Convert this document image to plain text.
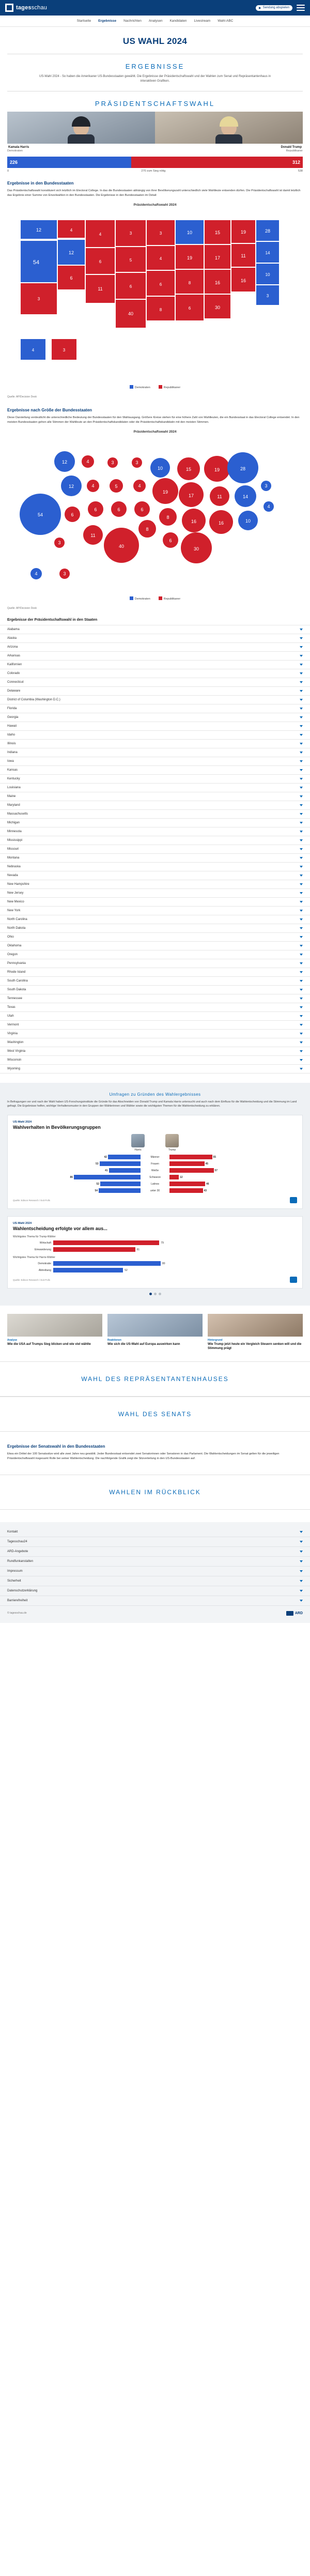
tagesschau	▶ Sendung abspielen
Startseite Ergebnisse Nachrichten Analysen Kandidaten Livestream Wahl-ABC
US WAHL 2024
ERGEBNISSE
US-Wahl 2024 - So haben die Amerikaner US-Bundesstaaten gewählt. Die Ergebnisse der Präsidentschaftswahl und der Wahlen zum Senat und Repräsentantenhaus in interaktiven Grafiken.
PRÄSIDENTSCHAFTSWAHL
Kamala Harris
Demokraten
Donald Trump
Republikaner
226	312
0	270 zum Sieg nötig	538
Ergebnisse in den Bundesstaaten

Das Präsidentschaftswahl konstituiert sich letztlich im Electoral College. In das die Bundesstaaten abhängig von ihrer Bevölkerungszahl unterschiedlich viele Wahlleute entsenden dürfen. Die Präsidentschaftswahl ist damit letztlich das Ergebnis einer Summe von Einzelwahlen in den Bundesstaaten. Die Ergebnisse in den Bundesstaaten im Detail:

Präsidentschaftswahl 2024
54
12
6
12	4
4
6
11
3
3
5
6
40
3
4
6
8
10
19
8
6
15
17
16
30
19
11
16
28
14
10
3
4	3
Demokraten	Republikaner
Quelle: AP/Decision Desk
Ergebnisse nach Größe der Bundesstaaten

Diese Darstellung verdeutlicht die unterschiedliche Bedeutung der Bundesstaaten für den Wahlausgang. Größere Kreise stehen für eine höhere Zahl von Wahlleuten, die ein Bundesstaat in das Electoral College entsendet. In den meisten Bundesstaaten gehen alle Stimmen der Wahlleute an den Präsidentschaftskandidaten oder die Präsidentschaftskandidatin mit den meisten Stimmen.

Präsidentschaftswahl 2024
54
12
6
12	4
4
6
11
3
3
5
6
40
3
4
6
8
10
19
8
6
15
17
16
30
19
11
16
28
14
10
3
4
4	3
Demokraten	Republikaner
Quelle: AP/Decision Desk
Ergebnisse der Präsidentschaftswahl in den Staaten
Alabama
Alaska
Arizona
Arkansas
Kalifornien
Colorado
Connecticut
Delaware
District of Columbia (Washington D.C.)
Florida
Georgia
Hawaii
Idaho
Illinois
Indiana
Iowa
Kansas
Kentucky
Louisiana
Maine
Maryland
Massachusetts
Michigan
Minnesota
Mississippi
Missouri
Montana
Nebraska
Nevada
New Hampshire
New Jersey
New Mexico
New York
North Carolina
North Dakota
Ohio
Oklahoma
Oregon
Pennsylvania
Rhode Island
South Carolina
South Dakota
Tennessee
Texas
Utah
Vermont
Virginia
Washington
West Virginia
Wisconsin
Wyoming
Umfragen zu Gründen des Wahlergebnisses

In Befragungen vor und nach der Wahl haben US-Forschungsinstitute die Gründe für das Abschneiden von Donald Trump und Kamala Harris untersucht und auch nach dem Einfluss für die Wahlentscheidung und die Stimmung im Land gefragt. Die Ergebnisse helfen, wichtige Verhaltensmuster in den Gruppen der Wählerinnen und Wähler sowie die wichtigsten Themen für die Wahlentscheidung zu erklären.

US-Wahl 2024
Wahlverhalten in Bevölkerungsgruppen
Harris	Trump
42	Männer	55
53	Frauen	45
41	Weiße	57
86	Schwarze	12
52	Latinos	46
54	unter 30	43
Quelle: Edison Research / Exit Polls
US-Wahl 2024
Wahlentscheidung erfolgte vor allem aus...
Wichtigstes Thema für Trump-Wähler
Wirtschaft	79
Einwanderung	61
Wichtigstes Thema für Harris-Wähler
Demokratie	80
Abtreibung	52
Quelle: Edison Research / Exit Polls
Analyse
Wie die USA auf Trumps Sieg blicken und wie viel wählte
Reaktionen
Wie sich die US-Wahl auf Europa auswirken kann
Hintergrund
Wie Trump jetzt heute ein Vergleich Steuern senken will und die Stimmung prägt
WAHL DES REPRÄSENTANTENHAUSES
WAHL DES SENATS
Ergebnisse der Senatswahl in den Bundesstaaten

Etwa ein Drittel der 100 Senatssitze wird alle zwei Jahre neu gewählt. Jeder Bundesstaat entsendet zwei Senatorinnen oder Senatoren in das Parlament. Die Wahlentscheidungen im Senat gelten für die jeweiligen Präsidentschaftswahl insgesamt Rolle bei seiner Wahlentscheidung. Die nachfolgende Grafik zeigt die Sitzverteilung in den US-Bundesstaaten auf.

WAHLEN IM RÜCKBLICK
Kontakt
Tagesschau24
ARD-Angebote
Rundfunkanstalten
Impressum
Sicherheit
Datenschutzerklärung
Barrierefreiheit
© tagesschau.de	ARD
